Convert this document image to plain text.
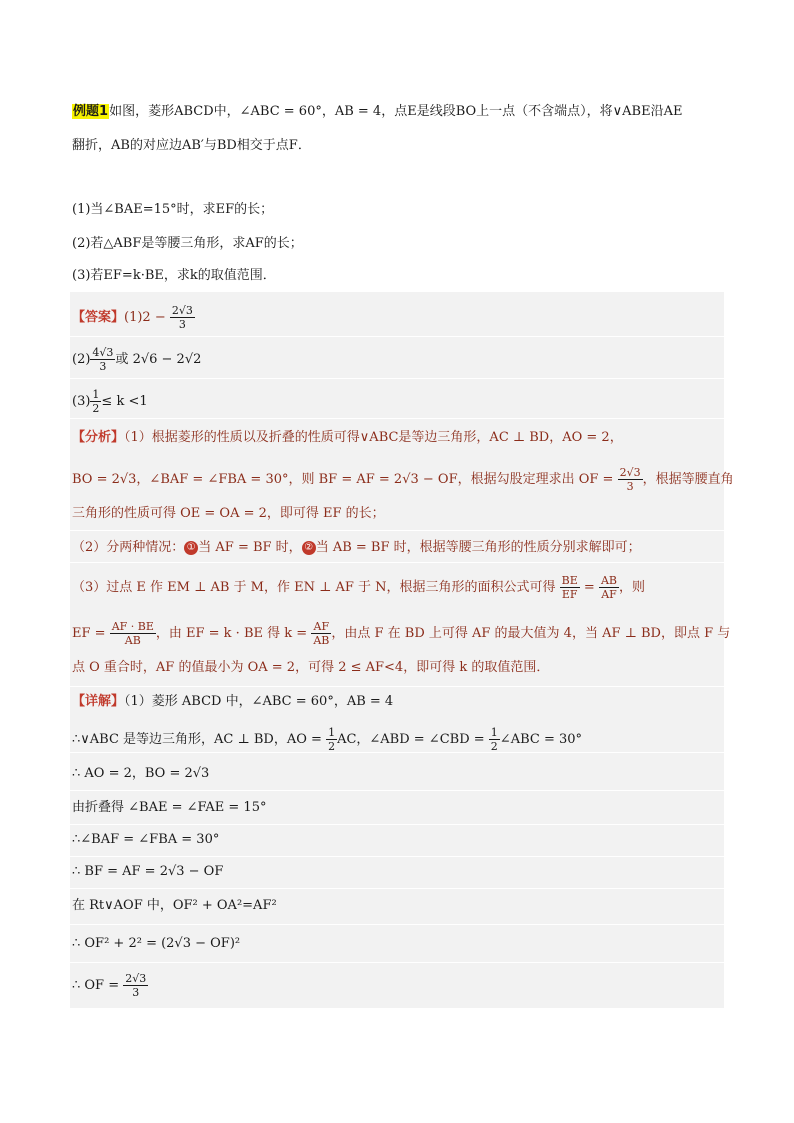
例题1如图，菱形ABCD中，∠ABC = 60°，AB = 4，点E是线段BO上一点（不含端点），将∨ABE沿AE
翻折，AB的对应边AB′与BD相交于点F．
(1)当∠BAE=15°时，求EF的长；
(2)若△ABF是等腰三角形，求AF的长；
(3)若EF=k·BE，求k的取值范围．
【答案】$(1)2 - \frac{2√3}{3}$
$(2) \frac{4√3}{3}$ 或 2√6 − 2√2
$(3) \frac{1}{2} \le k <1$
【分析】（1）根据菱形的性质以及折叠的性质可得∨ABC是等边三角形，AC ⊥ BD，AO = 2，
BO = 2√3，∠BAF = ∠FBA = 30°，则 BF = AF = 2√3 − OF，根据勾股定理求出 OF = $\frac{2√3}{3}$ ，根据等腰直角
三角形的性质可得 OE = OA = 2，即可得 EF 的长；
（2）分两种情况： ① 当 AF = BF 时， ② 当 AB = BF 时，根据等腰三角形的性质分别求解即可；
（3）过点 E 作 EM ⊥ AB 于 M，作 EN ⊥ AF 于 N，根据三角形的面积公式可得 $\frac{BE}{EF} = \frac{AB}{AF}$ ，则
EF = $\frac{AF \cdot BE}{AB}$ ，由 EF = k · BE 得 $k = \frac{AF}{AB}$ ，由点 F 在 BD 上可得 AF 的最大值为 4，当 AF ⊥ BD，即点 F 与
点 O 重合时，AF 的值最小为 OA = 2，可得 2 ≤ AF<4，即可得 k 的取值范围．
【详解】（1）菱形 ABCD 中，∠ABC = 60°，AB = 4
∴∨ABC 是等边三角形，AC ⊥ BD，AO = $\frac{1}{2}$ AC，∠ABD = ∠CBD = $\frac{1}{2}$ ∠ABC = 30°
∴ AO = 2，BO = 2√3
由折叠得 ∠BAE = ∠FAE = 15°
∴∠BAF = ∠FBA = 30°
∴ BF = AF = 2√3 − OF
在 Rt∨AOF 中，OF² + OA²=AF²
∴ OF² + 2² = (2√3 − OF)²
∴ OF = $\frac{2√3}{3}$
